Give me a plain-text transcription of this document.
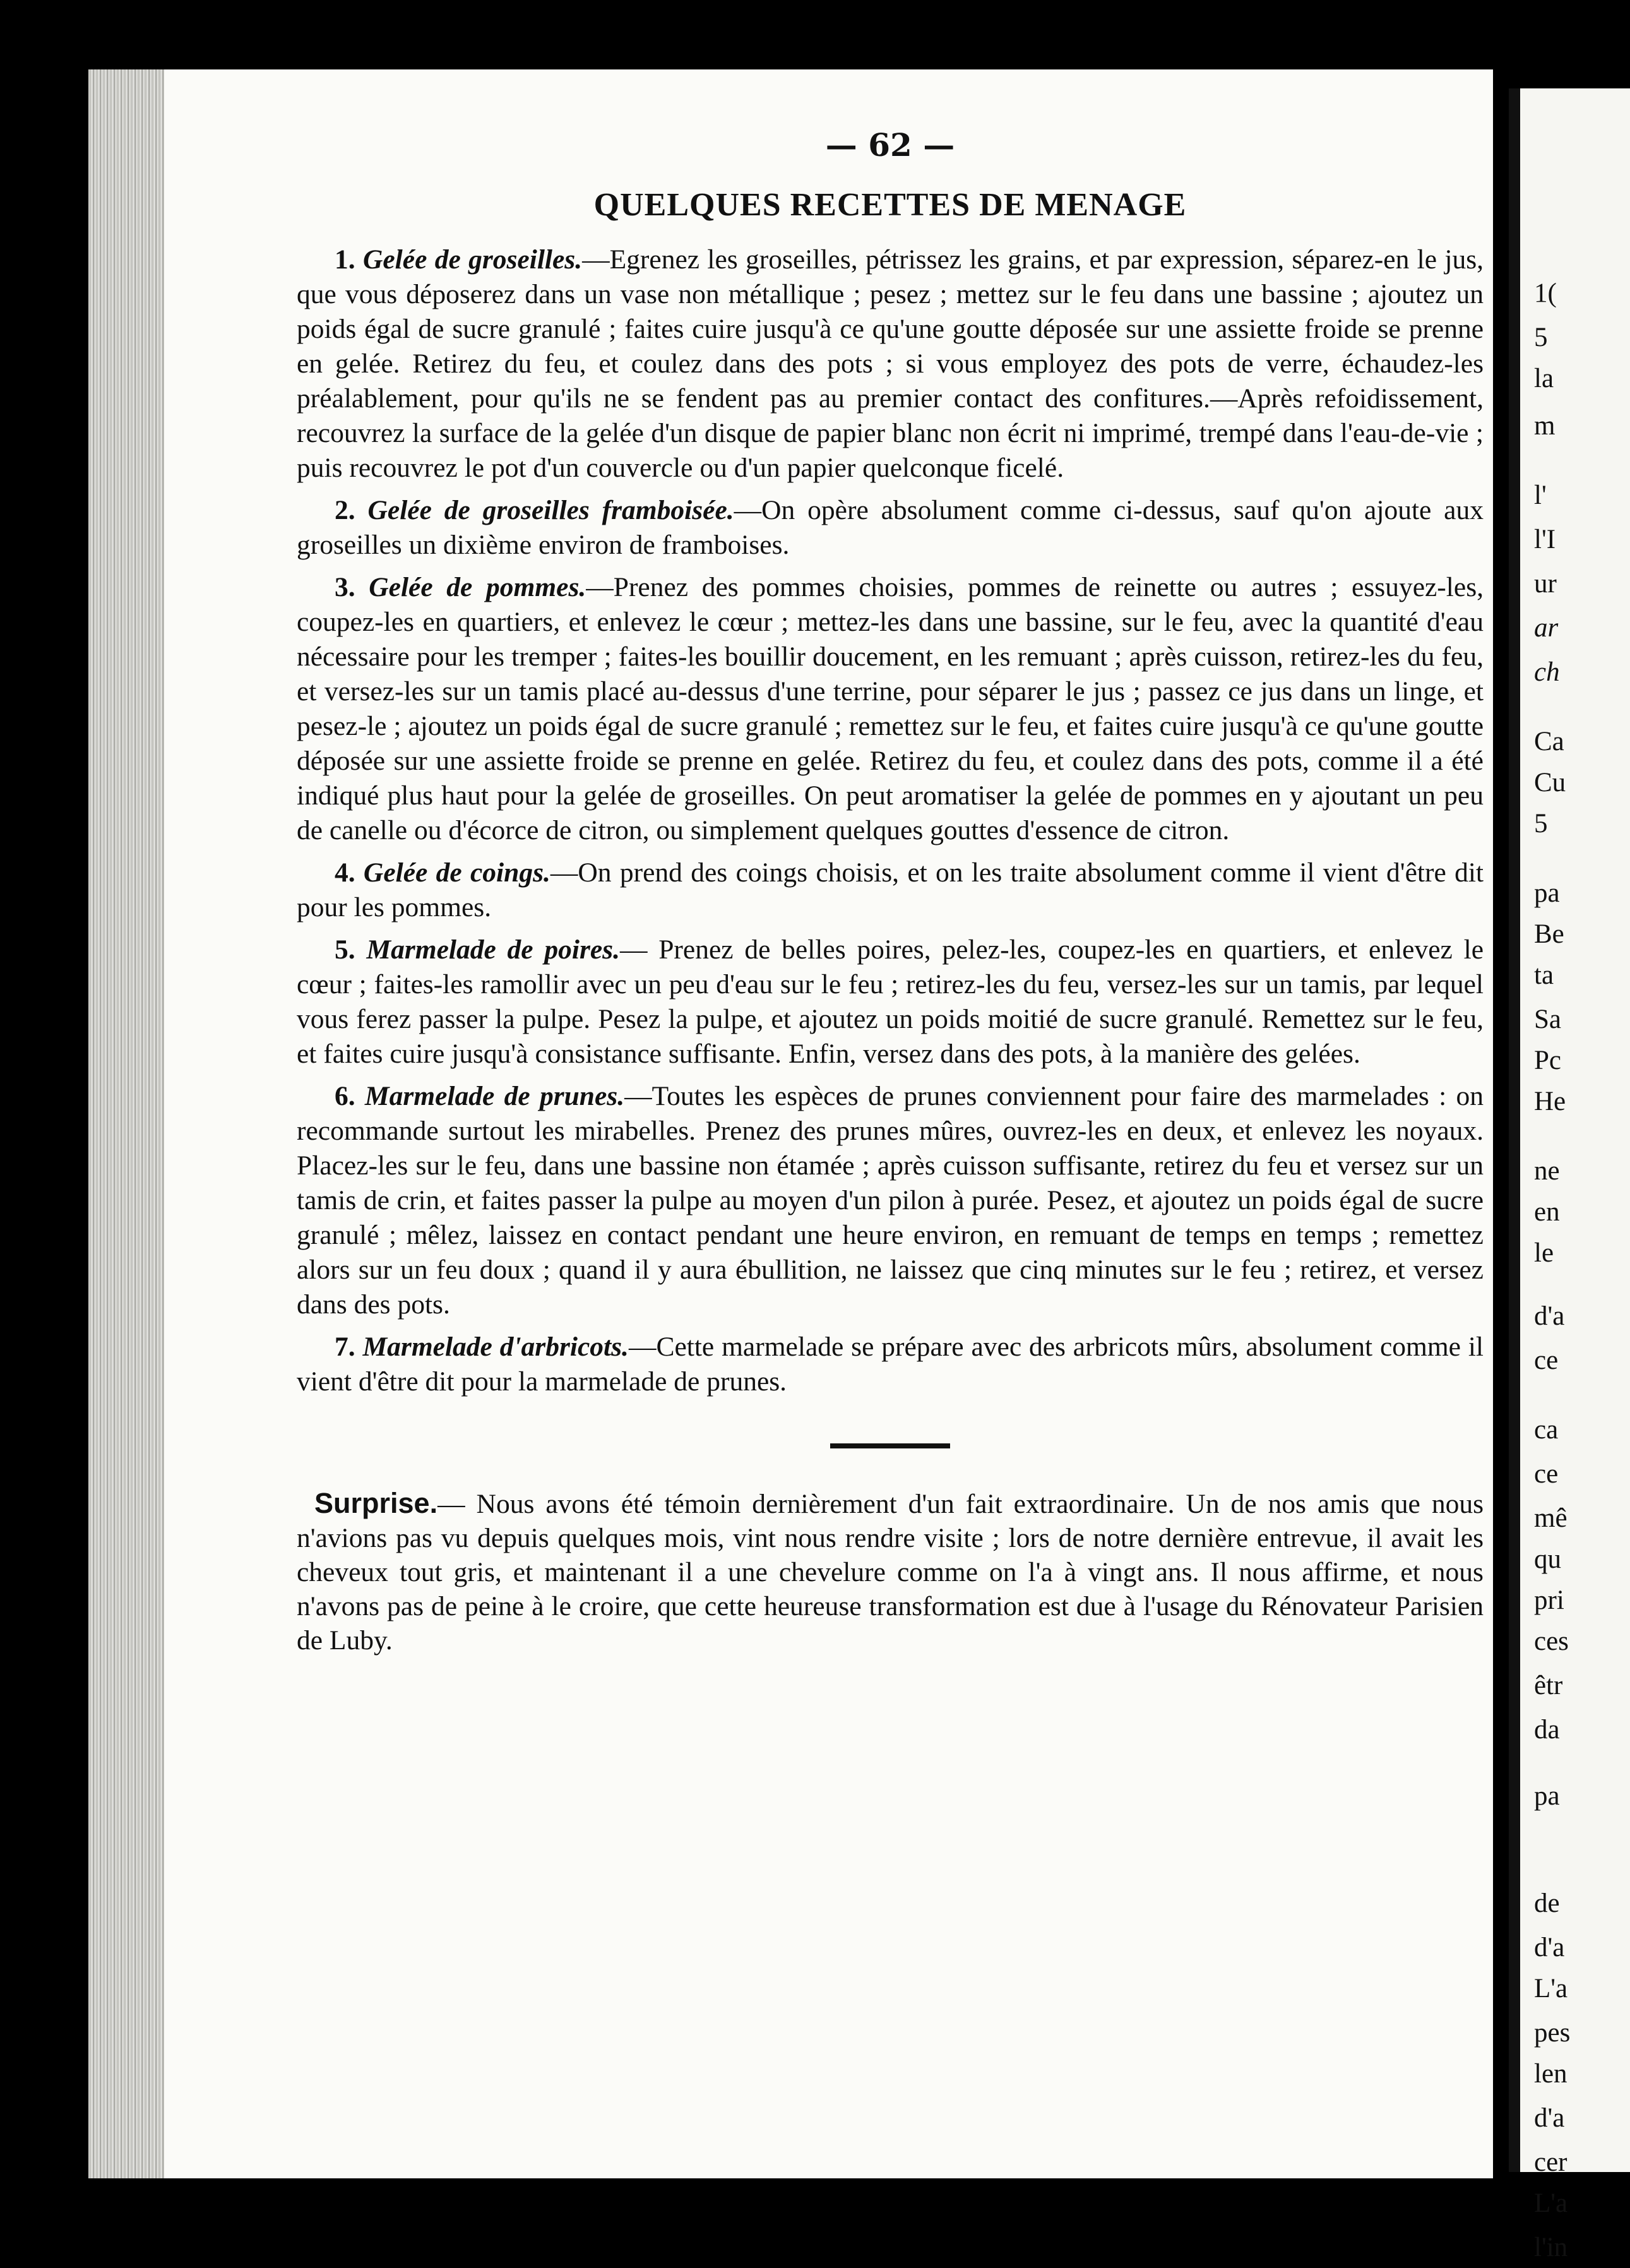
— 62 —
QUELQUES RECETTES DE MENAGE

1. Gelée de groseilles.—Egrenez les groseilles, pétrissez les grains, et par expression, séparez-en le jus, que vous déposerez dans un vase non métallique ; pesez ; mettez sur le feu dans une bassine ; ajoutez un poids égal de sucre granulé ; faites cuire jusqu'à ce qu'une goutte déposée sur une assiette froide se prenne en gelée. Retirez du feu, et coulez dans des pots ; si vous employez des pots de verre, échaudez-les préalablement, pour qu'ils ne se fendent pas au premier contact des confitures.—Après refoidissement, recouvrez la surface de la gelée d'un disque de papier blanc non écrit ni imprimé, trempé dans l'eau-de-vie ; puis recouvrez le pot d'un couvercle ou d'un papier quelconque ficelé.

2. Gelée de groseilles framboisée.—On opère absolument comme ci-dessus, sauf qu'on ajoute aux groseilles un dixième environ de framboises.

3. Gelée de pommes.—Prenez des pommes choisies, pommes de reinette ou autres ; essuyez-les, coupez-les en quartiers, et enlevez le cœur ; mettez-les dans une bassine, sur le feu, avec la quantité d'eau nécessaire pour les tremper ; faites-les bouillir doucement, en les remuant ; après cuisson, retirez-les du feu, et versez-les sur un tamis placé au-dessus d'une terrine, pour séparer le jus ; passez ce jus dans un linge, et pesez-le ; ajoutez un poids égal de sucre granulé ; remettez sur le feu, et faites cuire jusqu'à ce qu'une goutte déposée sur une assiette froide se prenne en gelée. Retirez du feu, et coulez dans des pots, comme il a été indiqué plus haut pour la gelée de groseilles. On peut aromatiser la gelée de pommes en y ajoutant un peu de canelle ou d'écorce de citron, ou simplement quelques gouttes d'essence de citron.

4. Gelée de coings.—On prend des coings choisis, et on les traite absolument comme il vient d'être dit pour les pommes.

5. Marmelade de poires.— Prenez de belles poires, pelez-les, coupez-les en quartiers, et enlevez le cœur ; faites-les ramollir avec un peu d'eau sur le feu ; retirez-les du feu, versez-les sur un tamis, par lequel vous ferez passer la pulpe. Pesez la pulpe, et ajoutez un poids moitié de sucre granulé. Remettez sur le feu, et faites cuire jusqu'à consistance suffisante. Enfin, versez dans des pots, à la manière des gelées.

6. Marmelade de prunes.—Toutes les espèces de prunes conviennent pour faire des marmelades : on recommande surtout les mirabelles. Prenez des prunes mûres, ouvrez-les en deux, et enlevez les noyaux. Placez-les sur le feu, dans une bassine non étamée ; après cuisson suffisante, retirez du feu et versez sur un tamis de crin, et faites passer la pulpe au moyen d'un pilon à purée. Pesez, et ajoutez un poids égal de sucre granulé ; mêlez, laissez en contact pendant une heure environ, en remuant de temps en temps ; remettez alors sur un feu doux ; quand il y aura ébullition, ne laissez que cinq minutes sur le feu ; retirez, et versez dans des pots.

7. Marmelade d'arbricots.—Cette marmelade se prépare avec des arbricots mûrs, absolument comme il vient d'être dit pour la marmelade de prunes.

Surprise.— Nous avons été témoin dernièrement d'un fait extraordinaire. Un de nos amis que nous n'avions pas vu depuis quelques mois, vint nous rendre visite ; lors de notre dernière entrevue, il avait les cheveux tout gris, et maintenant il a une chevelure comme on l'a à vingt ans. Il nous affirme, et nous n'avons pas de peine à le croire, que cette heureuse transformation est due à l'usage du Rénovateur Parisien de Luby.

1(
5
la
m
l'
l'I
ur
ar
ch
Ca
Cu
5
pa
Be
ta
Sa
Pc
He
ne
en
le
d'a
ce
ca
ce
mê
qu
pri
ces
êtr
da
pa
de
d'a
L'a
pes
len
d'a
cer
L'a
l'in
